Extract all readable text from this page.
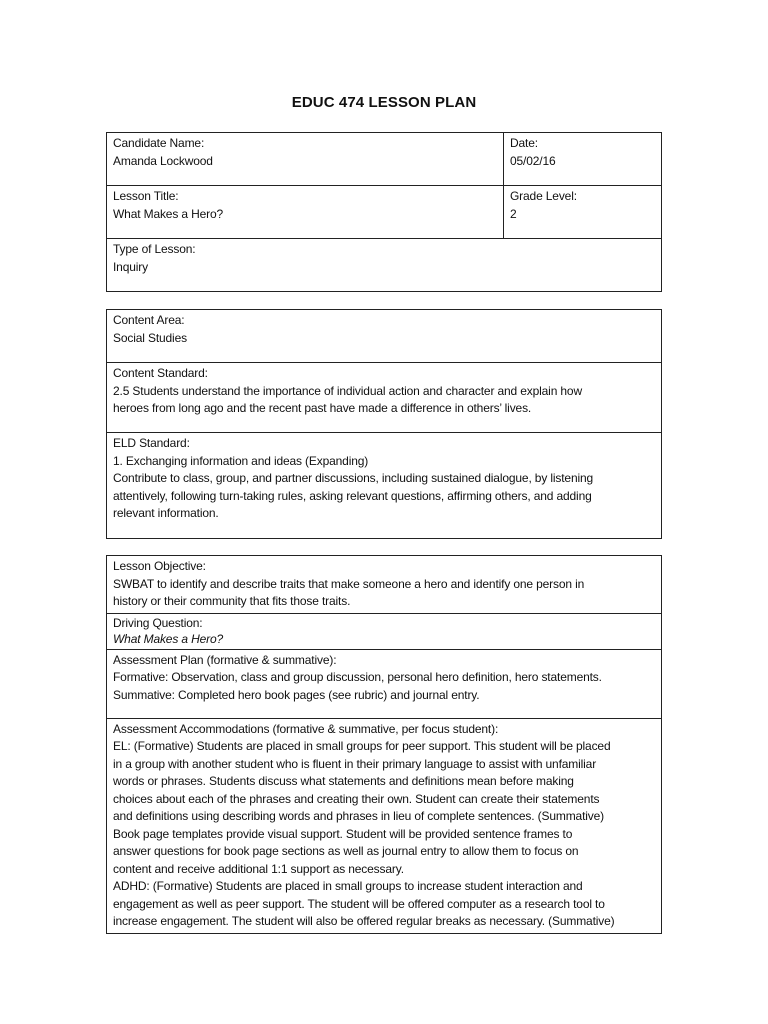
EDUC 474 LESSON PLAN
Candidate Name:
Amanda Lockwood	Date:
05/02/16

Lesson Title:
What Makes a Hero?	Grade Level:
2

Type of Lesson:
Inquiry	
Content Area:
Social Studies

Content Standard:
2.5 Students understand the importance of individual action and character and explain how
heroes from long ago and the recent past have made a difference in others’ lives.

ELD Standard:
1. Exchanging information and ideas (Expanding)
Contribute to class, group, and partner discussions, including sustained dialogue, by listening
attentively, following turn-taking rules, asking relevant questions, affirming others, and adding
relevant information.
Lesson Objective:
SWBAT to identify and describe traits that make someone a hero and identify one person in
history or their community that fits those traits.

Driving Question:
What Makes a Hero?

Assessment Plan (formative & summative):
Formative: Observation, class and group discussion, personal hero definition, hero statements.
Summative: Completed hero book pages (see rubric) and journal entry.

Assessment Accommodations (formative & summative, per focus student):
EL: (Formative) Students are placed in small groups for peer support. This student will be placed
in a group with another student who is fluent in their primary language to assist with unfamiliar
words or phrases. Students discuss what statements and definitions mean before making
choices about each of the phrases and creating their own. Student can create their statements
and definitions using describing words and phrases in lieu of complete sentences. (Summative)
Book page templates provide visual support. Student will be provided sentence frames to
answer questions for book page sections as well as journal entry to allow them to focus on
content and receive additional 1:1 support as necessary.
ADHD: (Formative) Students are placed in small groups to increase student interaction and
engagement as well as peer support. The student will be offered computer as a research tool to
increase engagement. The student will also be offered regular breaks as necessary. (Summative)
